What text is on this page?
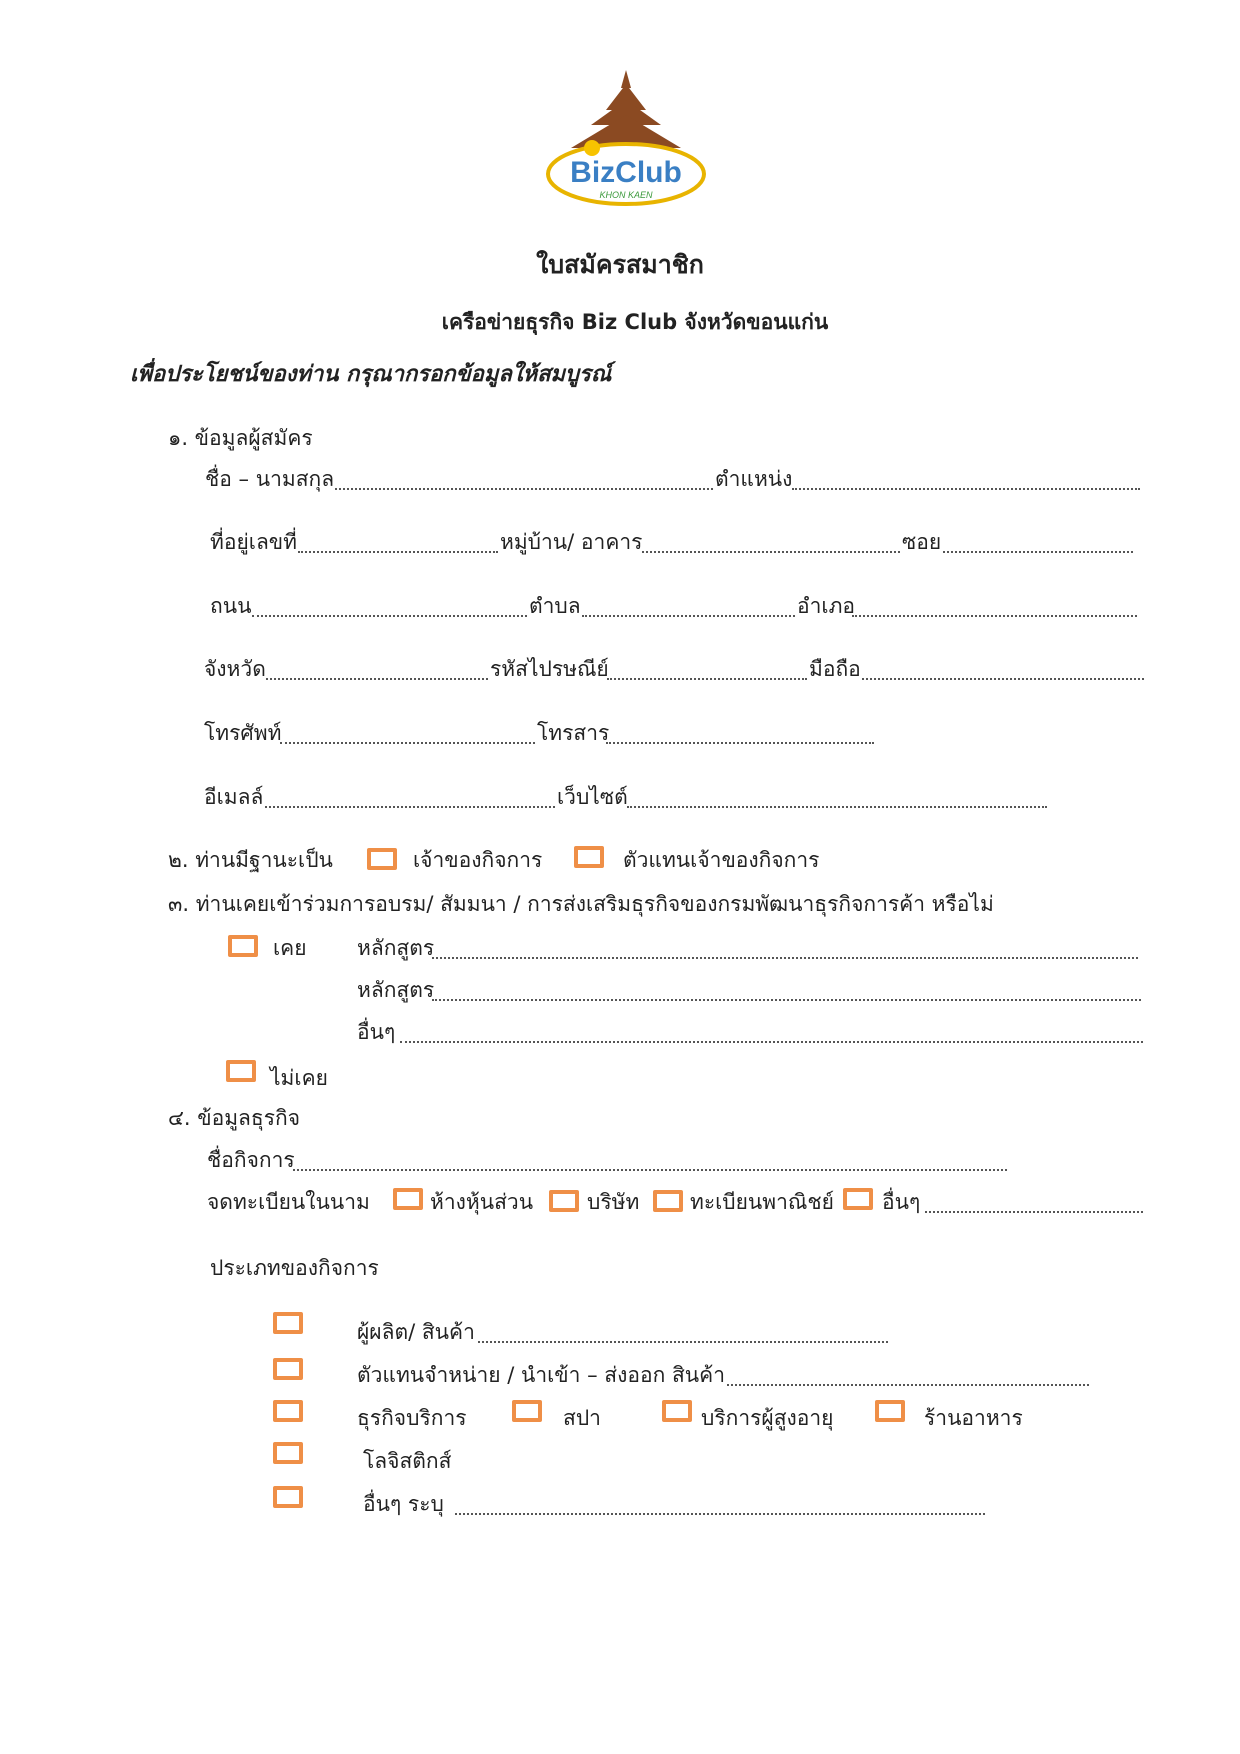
BizClub
KHON KAEN
ใบสมัครสมาชิก
เครือข่ายธุรกิจ Biz Club จังหวัดขอนแก่น
เพื่อประโยชน์ของท่าน กรุณากรอกข้อมูลให้สมบูรณ์
๑. ข้อมูลผู้สมัคร
ชื่อ – นามสกุล	ตำแหน่ง
ที่อยู่เลขที่	หมู่บ้าน/ อาคาร	ซอย
ถนน	ตำบล	อำเภอ
จังหวัด	รหัสไปรษณีย์	มือถือ
โทรศัพท์	โทรสาร
อีเมลล์	เว็บไซต์
๒. ท่านมีฐานะเป็น	เจ้าของกิจการ	ตัวแทนเจ้าของกิจการ
๓. ท่านเคยเข้าร่วมการอบรม/ สัมมนา / การส่งเสริมธุรกิจของกรมพัฒนาธุรกิจการค้า หรือไม่
เคย หลักสูตร
หลักสูตร
อื่นๆ
ไม่เคย
๔. ข้อมูลธุรกิจ
ชื่อกิจการ
จดทะเบียนในนาม	ห้างหุ้นส่วน	บริษัท ทะเบียนพาณิชย์ อื่นๆ
ประเภทของกิจการ
ผู้ผลิต/ สินค้า
ตัวแทนจำหน่าย / นำเข้า – ส่งออก สินค้า
ธุรกิจบริการ	สปา	บริการผู้สูงอายุ	ร้านอาหาร
โลจิสติกส์
อื่นๆ ระบุ
